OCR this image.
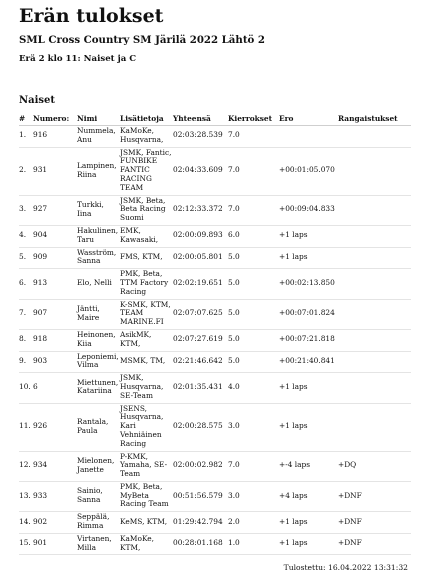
Erän tulokset

SML Cross Country SM Järilä 2022 Lähtö 2

Erä 2 klo 11: Naiset ja C

Naiset

#	Numero:	Nimi	Lisätietoja	Yhteensä	Kierrokset	Ero	Rangaistukset
1.	916	Nummela, Anu	KaMoKe, Husqvarna,	02:03:28.539	7.0		
2.	931	Lampinen, Riina	JSMK, Fantic, FUNBIKE FANTIC RACING TEAM	02:04:33.609	7.0	+00:01:05.070	
3.	927	Turkki, Iina	JSMK, Beta, Beta Racing Suomi	02:12:33.372	7.0	+00:09:04.833	
4.	904	Hakulinen, Taru	EMK, Kawasaki,	02:00:09.893	6.0	+1 laps	
5.	909	Wasström, Sanna	FMS, KTM,	02:00:05.801	5.0	+1 laps	
6.	913	Elo, Nelli	PMK, Beta, TTM Factory Racing	02:02:19.651	5.0	+00:02:13.850	
7.	907	Jäntti, Maire	K-SMK, KTM, TEAM MARINE.FI	02:07:07.625	5.0	+00:07:01.824	
8.	918	Heinonen, Kiia	AsikMK, KTM,	02:07:27.619	5.0	+00:07:21.818	
9.	903	Leponiemi, Vilma	MSMK, TM,	02:21:46.642	5.0	+00:21:40.841	
10.	6	Miettunen, Katariina	JSMK, Husqvarna, SE-Team	02:01:35.431	4.0	+1 laps	
11.	926	Rantala, Paula	JSENS, Husqvarna, Kari Vehniäinen Racing	02:00:28.575	3.0	+1 laps	
12.	934	Mielonen, Janette	P-KMK, Yamaha, SE-Team	02:00:02.982	7.0	+-4 laps	+DQ
13.	933	Sainio, Sanna	PMK, Beta, MyBeta Racing Team	00:51:56.579	3.0	+4 laps	+DNF
14.	902	Seppälä, Rimma	KeMS, KTM,	01:29:42.794	2.0	+1 laps	+DNF
15.	901	Virtanen, Milla	KaMoKe, KTM,	00:28:01.168	1.0	+1 laps	+DNF
Tulostettu: 16.04.2022 13:31:32
